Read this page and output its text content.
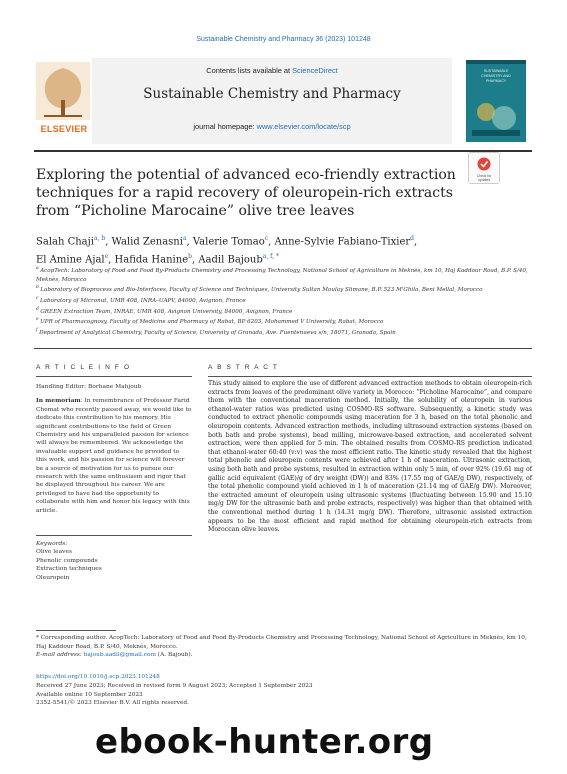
Sustainable Chemistry and Pharmacy 36 (2023) 101248
ELSEVIER
Contents lists available at ScienceDirect
Sustainable Chemistry and Pharmacy
journal homepage: www.elsevier.com/locate/scp
SUSTAINABLE
CHEMISTRY AND
PHARMACY
Check for
updates
Exploring the potential of advanced eco-friendly extraction techniques for a rapid recovery of oleuropein-rich extracts from “Picholine Marocaine” olive tree leaves
Salah Chaji$^{a, b}$, Walid Zenasni$^a$, Valerie Tomao$^c$, Anne-Sylvie Fabiano-Tixier$^d$,
El Amine Ajal$^e$, Hafida Hanine$^b$, Aadil Bajoub$^{a, f, *}$
$^a$ AcopTech: Laboratory of Food and Food By-Products Chemistry and Processing Technology, National School of Agriculture in Meknès, km 10, Haj Kaddour Road, B.P. S/40, Meknès, Morocco
$^b$ Laboratory of Bioprocess and Bio-Interfaces, Faculty of Science and Techniques, University Sultan Moulay Slimane, B.P. 523 M'Ghila, Beni Mellal, Morocco
$^c$ Laboratory of Micronut, UMR 408, INRA–UAPV, 84000, Avignon, France
$^d$ GREEN Extraction Team, INRAE, UMR 408, Avignon University, 84000, Avignon, France
$^e$ UPR of Pharmacognosy, Faculty of Medicine and Pharmacy of Rabat, BP 6203, Mohammed V University, Rabat, Morocco
$^f$ Department of Analytical Chemistry, Faculty of Science, University of Granada, Ave. Fuentenueva s/n, 18071, Granada, Spain
A R T I C L E I N F O	A B S T R A C T

Handling Editor: Borhane Mahjoub

In memoriam: In remembrance of Professor Farid Chemat who recently passed away, we would like to dedicate this contribution to his memory. His significant contributions to the field of Green Chemistry and his unparalleled passion for science will always be remembered. We acknowledge the invaluable support and guidance he provided to this work, and his passion for science will forever be a source of motivation for us to pursue our research with the same enthusiasm and rigor that he displayed throughout his career. We are privileged to have had the opportunity to collaborate with him and honor his legacy with this article.

Keywords:
Olive leaves
Phenolic compounds
Extraction techniques
Oleuropein
This study aimed to explore the use of different advanced extraction methods to obtain oleuropein-rich extracts from leaves of the predominant olive variety in Morocco: “Picholine Marocaine”, and compare them with the conventional maceration method. Initially, the solubility of oleuropein in various ethanol-water ratios was predicted using COSMO-RS software. Subsequently, a kinetic study was conducted to extract phenolic compounds using maceration for 3 h, based on the total phenolic and oleuropein contents. Advanced extraction methods, including ultrasound extraction systems (based on both bath and probe systems), bead milling, microwave-based extraction, and accelerated solvent extraction, were then applied for 5 min. The obtained results from COSMO-RS prediction indicated that ethanol-water 60:40 (v:v) was the most efficient ratio. The kinetic study revealed that the highest total phenolic and oleuropein contents were achieved after 1 h of maceration. Ultrasonic extraction, using both bath and probe systems, resulted in extraction within only 5 min, of over 92% (19.61 mg of gallic acid equivalent (GAE)/g of dry weight (DW)) and 83% (17.55 mg of GAE/g DW), respectively, of the total phenolic compound yield achieved in 1 h of maceration (21.14 mg of GAE/g DW). Moreover, the extracted amount of oleuropein using ultrasonic systems (fluctuating between 15.90 and 15.10 mg/g DW for the ultrasonic bath and probe extracts, respectively) was higher than that obtained with the conventional method during 1 h (14.31 mg/g DW). Therefore, ultrasonic assisted extraction appears to be the most efficient and rapid method for obtaining oleuropein-rich extracts from Moroccan olive leaves.
* Corresponding author. AcopTech: Laboratory of Food and Food By-Products Chemistry and Processing Technology, National School of Agriculture in Meknès, km 10, Haj Kaddour Road, B.P. S/40, Meknès, Morocco.
E-mail address: bajoub.aadil@gmail.com (A. Bajoub).
https://doi.org/10.1016/j.scp.2023.101248
Received 27 June 2023; Received in revised form 9 August 2023; Accepted 1 September 2023
Available online 10 September 2023
2352-5541/© 2023 Elsevier B.V. All rights reserved.
ebook-hunter.org
